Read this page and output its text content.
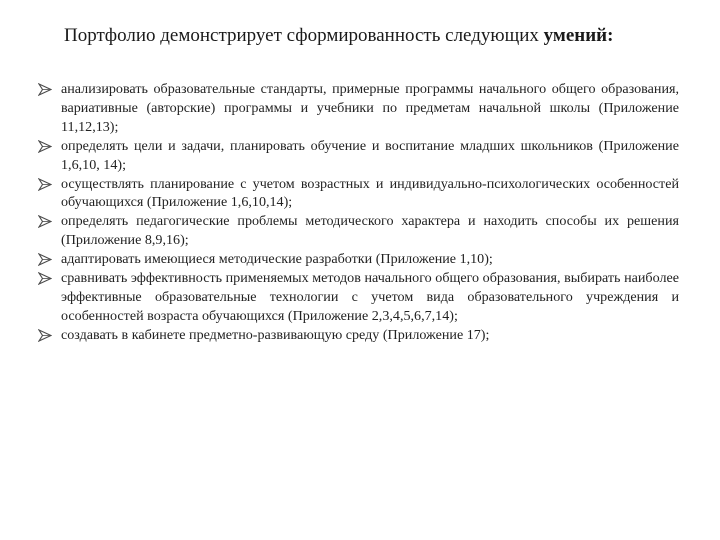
Портфолио демонстрирует сформированность следующих умений:
анализировать образовательные стандарты, примерные программы начального общего образования, вариативные (авторские) программы и учебники по предметам начальной школы (Приложение 11,12,13);
определять цели и задачи, планировать обучение и воспитание младших школьников (Приложение 1,6,10, 14);
осуществлять планирование с учетом возрастных и индивидуально-психологических особенностей обучающихся (Приложение 1,6,10,14);
определять педагогические проблемы методического характера и находить способы их решения (Приложение 8,9,16);
адаптировать имеющиеся методические разработки (Приложение 1,10);
сравнивать эффективность применяемых методов начального общего образования, выбирать наиболее эффективные образовательные технологии с учетом вида образовательного учреждения и особенностей возраста обучающихся (Приложение 2,3,4,5,6,7,14);
создавать в кабинете предметно-развивающую среду (Приложение 17);
